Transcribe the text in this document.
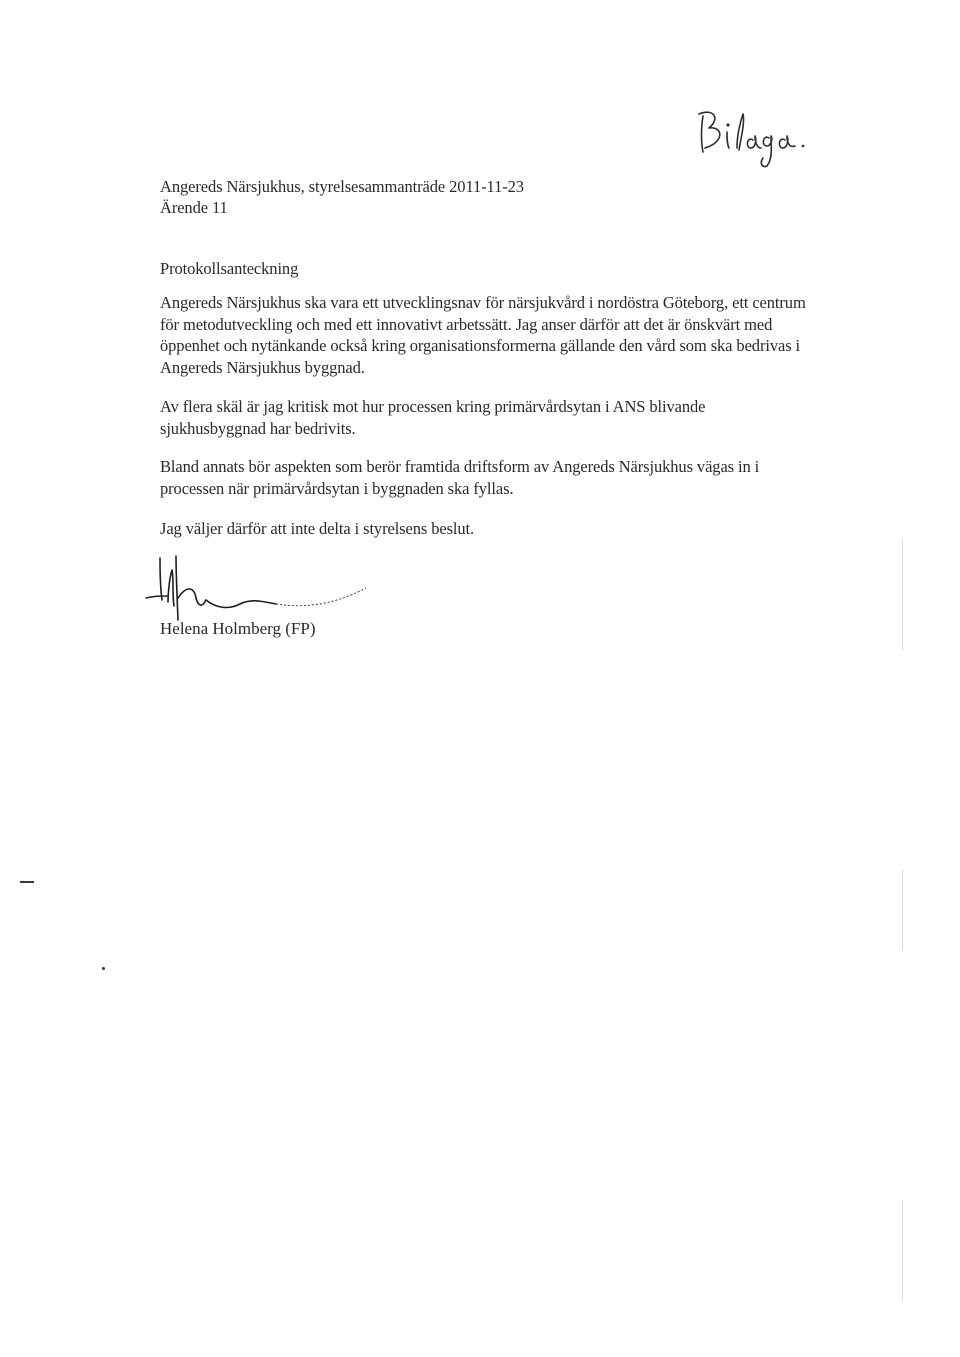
Angereds Närsjukhus, styrelsesammanträde 2011-11-23

Ärende 11

Protokollsanteckning

Angereds Närsjukhus ska vara ett utvecklingsnav för närsjukvård i nordöstra Göteborg, ett centrum för metodutveckling och med ett innovativt arbetssätt. Jag anser därför att det är önskvärt med öppenhet och nytänkande också kring organisationsformerna gällande den vård som ska bedrivas i Angereds Närsjukhus byggnad.

Av flera skäl är jag kritisk mot hur processen kring primärvårdsytan i ANS blivande sjukhusbyggnad har bedrivits.

Bland annats bör aspekten som berör framtida driftsform av Angereds Närsjukhus vägas in i processen när primärvårdsytan i byggnaden ska fyllas.

Jag väljer därför att inte delta i styrelsens beslut.

Helena Holmberg (FP)
